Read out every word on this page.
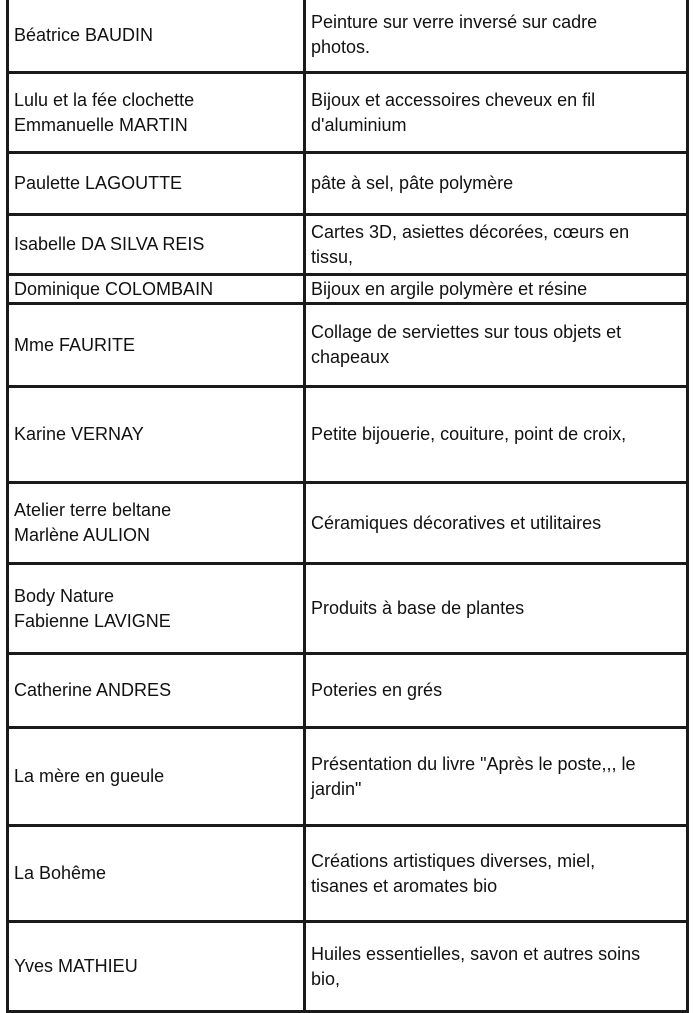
Béatrice BAUDIN	Peinture sur verre inversé sur cadre
photos.
Lulu et la fée clochette
Emmanuelle MARTIN	Bijoux et accessoires cheveux en fil
d'aluminium
Paulette LAGOUTTE	pâte à sel, pâte polymère
Isabelle DA SILVA REIS	Cartes 3D, asiettes décorées, cœurs en
tissu,
Dominique COLOMBAIN	Bijoux en argile polymère et résine
Mme FAURITE	Collage de serviettes sur tous objets et
chapeaux
Karine VERNAY	Petite bijouerie, couiture, point de croix,
Atelier terre beltane
Marlène AULION	Céramiques décoratives et utilitaires
Body Nature
Fabienne LAVIGNE	Produits à base de plantes
Catherine ANDRES	Poteries en grés
La mère en gueule	Présentation du livre "Après le poste,,, le
jardin"
La Bohême	Créations artistiques diverses, miel,
tisanes et aromates bio
Yves MATHIEU	Huiles essentielles, savon et autres soins
bio,
